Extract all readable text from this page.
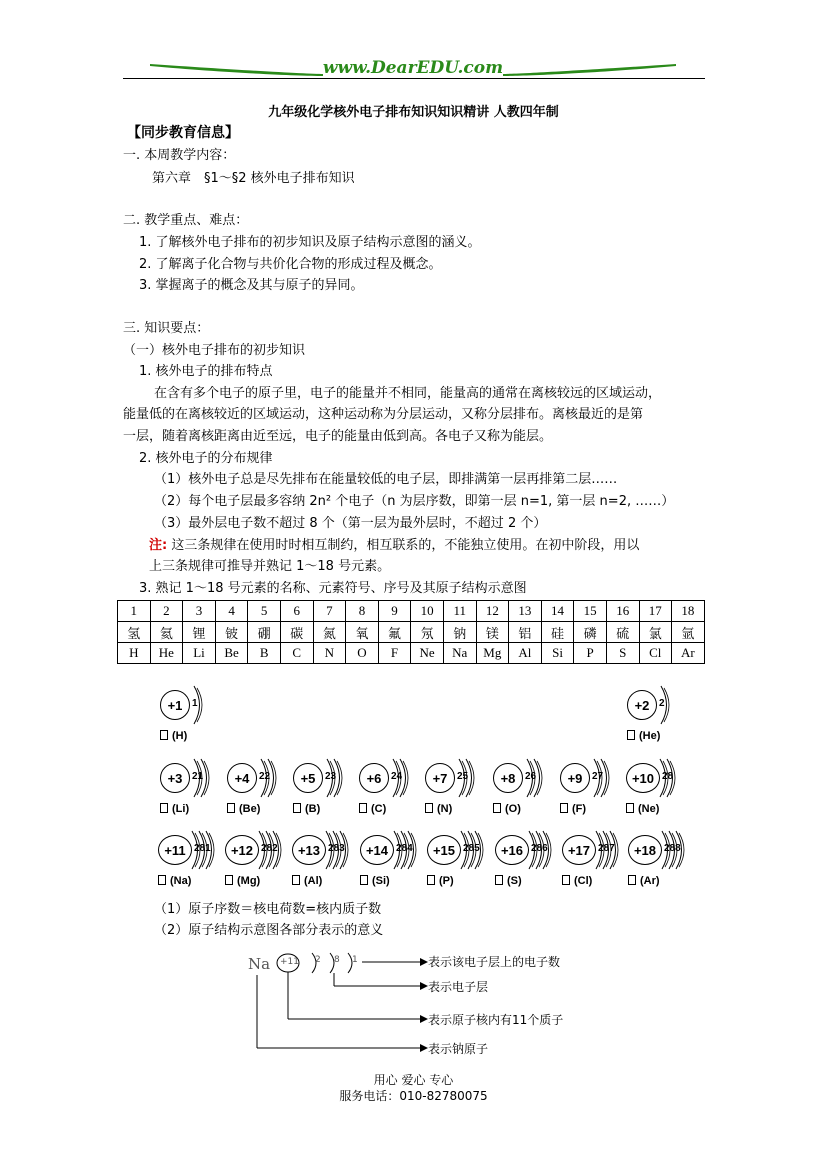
www.DearEDU.com
九年级化学核外电子排布知识知识精讲 人教四年制
【同步教育信息】
一. 本周教学内容：
第六章　§1～§2 核外电子排布知识
二. 教学重点、难点：
1. 了解核外电子排布的初步知识及原子结构示意图的涵义。
2. 了解离子化合物与共价化合物的形成过程及概念。
3. 掌握离子的概念及其与原子的异同。
三. 知识要点：
（一）核外电子排布的初步知识
1. 核外电子的排布特点
在含有多个电子的原子里，电子的能量并不相同，能量高的通常在离核较远的区域运动，
能量低的在离核较近的区域运动，这种运动称为分层运动，又称分层排布。离核最近的是第
一层，随着离核距离由近至远，电子的能量由低到高。各电子又称为能层。
2. 核外电子的分布规律
（1）核外电子总是尽先排布在能量较低的电子层，即排满第一层再排第二层……
（2）每个电子层最多容纳 2n² 个电子（n 为层序数，即第一层 n=1, 第一层 n=2, ……）
（3）最外层电子数不超过 8 个（第一层为最外层时，不超过 2 个）
注: 这三条规律在使用时时相互制约，相互联系的，不能独立使用。在初中阶段，用以
上三条规律可推导并熟记 1～18 号元素。
3. 熟记 1～18 号元素的名称、元素符号、序号及其原子结构示意图
1	2	3	4	5	6	7	8	9	10	11	12	13	14	15	16	17	18
氢	氦	锂	铍	硼	碳	氮	氧	氟	氖	钠	镁	铝	硅	磷	硫	氯	氩
H	He	Li	Be	B	C	N	O	F	Ne	Na	Mg	Al	Si	P	S	Cl	Ar
+1 1
(H)
+2 2
(He)
+3 21
(Li)
+4 22
(Be)
+5 23
(B)
+6 24
(C)
+7 25
(N)
+8 26
(O)
+9 27
(F)
+10 28
(Ne)
+11 281
(Na)
+12 282
(Mg)
+13 283
(Al)
+14 284
(Si)
+15 285
(P)
+16 286
(S)
+17 287
(Cl)
+18 288
(Ar)
（1）原子序数＝核电荷数=核内质子数
（2）原子结构示意图各部分表示的意义
Na +11 2 8 1	表示该电子层上的电子数
表示电子层
表示原子核内有11个质子
表示钠原子
用心 爱心 专心
服务电话：010-82780075
